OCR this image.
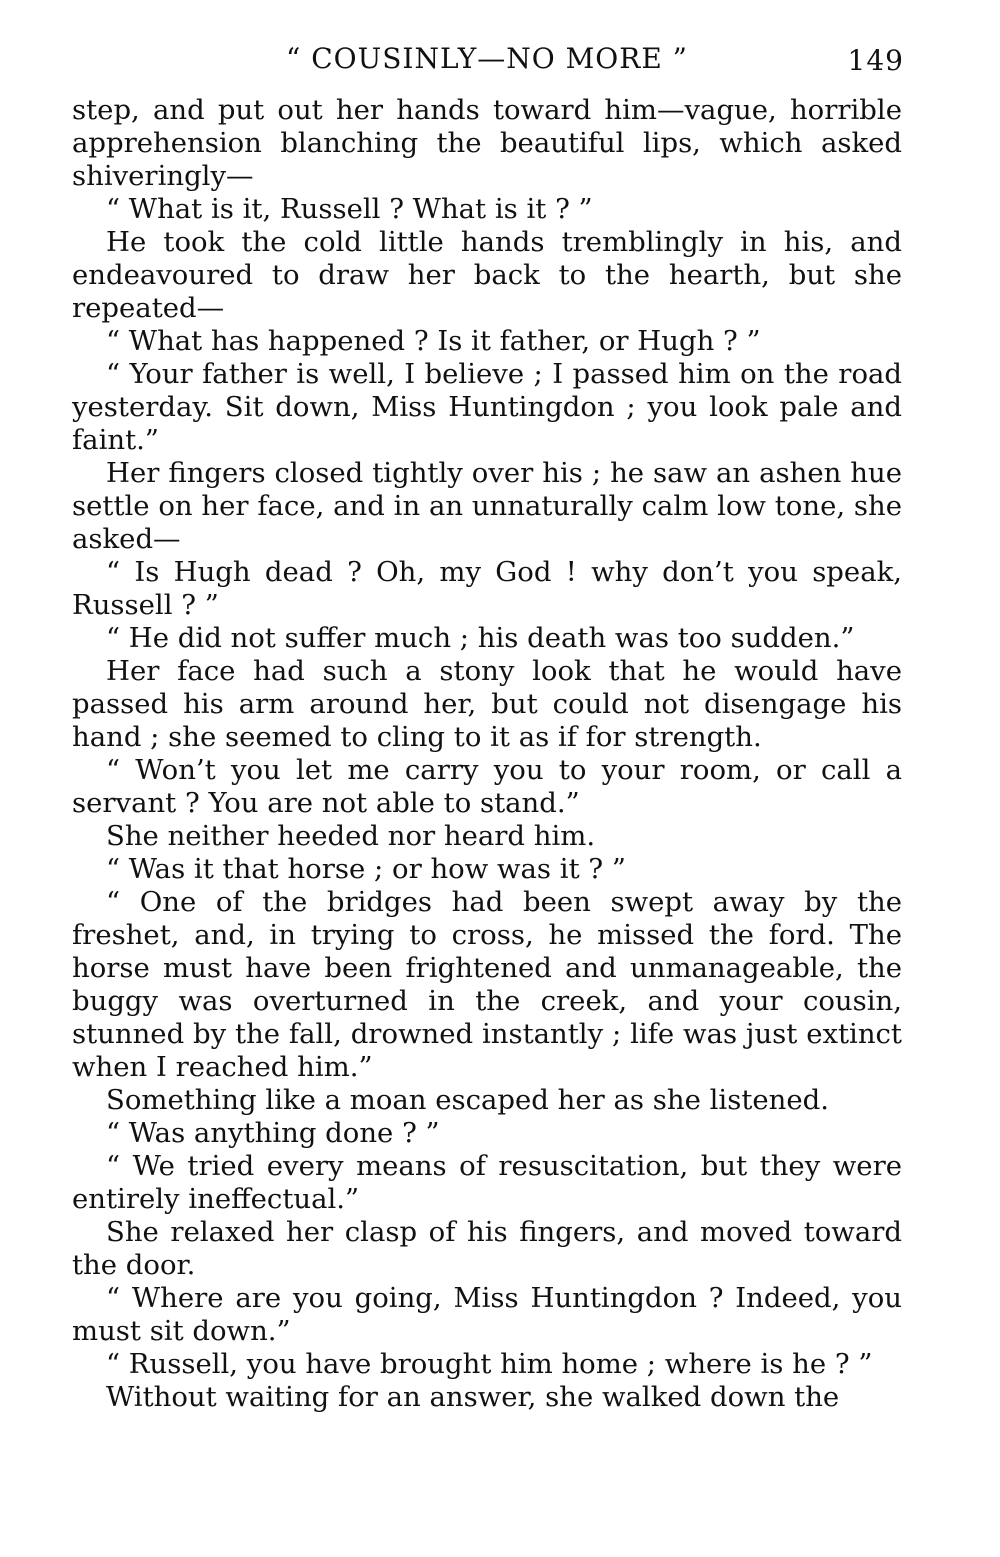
“ COUSINLY—NO MORE ”	149

step, and put out her hands toward him—vague, horrible apprehension blanching the beautiful lips, which asked shiveringly—

“ What is it, Russell ? What is it ? ”

He took the cold little hands tremblingly in his, and endeavoured to draw her back to the hearth, but she repeated—

“ What has happened ? Is it father, or Hugh ? ”

“ Your father is well, I believe ; I passed him on the road yesterday. Sit down, Miss Huntingdon ; you look pale and faint.”

Her fingers closed tightly over his ; he saw an ashen hue settle on her face, and in an unnaturally calm low tone, she asked—

“ Is Hugh dead ? Oh, my God ! why don’t you speak, Russell ? ”

“ He did not suffer much ; his death was too sudden.”

Her face had such a stony look that he would have passed his arm around her, but could not disengage his hand ; she seemed to cling to it as if for strength.

“ Won’t you let me carry you to your room, or call a servant ? You are not able to stand.”

She neither heeded nor heard him.

“ Was it that horse ; or how was it ? ”

“ One of the bridges had been swept away by the freshet, and, in trying to cross, he missed the ford. The horse must have been frightened and unmanageable, the buggy was overturned in the creek, and your cousin, stunned by the fall, drowned instantly ; life was just extinct when I reached him.”

Something like a moan escaped her as she listened.

“ Was anything done ? ”

“ We tried every means of resuscitation, but they were entirely ineffectual.”

She relaxed her clasp of his fingers, and moved toward the door.

“ Where are you going, Miss Huntingdon ? Indeed, you must sit down.”

“ Russell, you have brought him home ; where is he ? ”

Without waiting for an answer, she walked down the
